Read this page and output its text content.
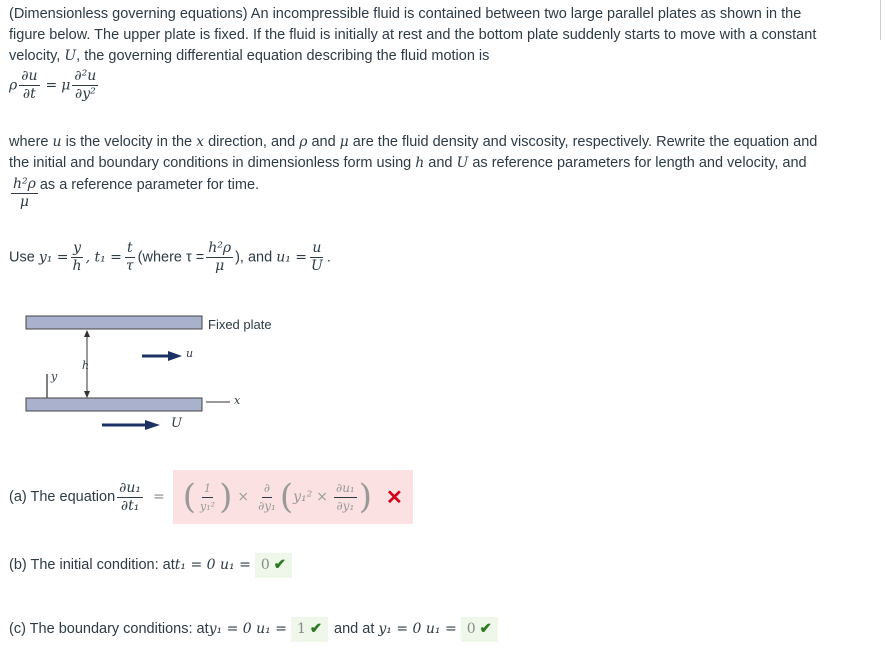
(Dimensionless governing equations) An incompressible fluid is contained between two large parallel plates as shown in the
figure below. The upper plate is fixed. If the fluid is initially at rest and the bottom plate suddenly starts to move with a constant
velocity, U, the governing differential equation describing the fluid motion is
ρ $\frac{\partial u}{\partial t} = \mu \frac{\text{∂²u}}{\text{∂y²}}$
where u is the velocity in the x direction, and ρ and μ are the fluid density and viscosity, respectively. Rewrite the equation and
the initial and boundary conditions in dimensionless form using h and U as reference parameters for length and velocity, and
$\frac{\text{h²ρ}}{\mu}$ as a reference parameter for time.
Use $y_1 = \frac{y}{h}$ , $t_1 = \frac{t}{\tau}$ (where $\tau = \frac{\text{h²ρ}}{\mu}$ ), and $u_1 = \frac{u}{U}$ .
Fixed plate
u
h
y
x
U
(a) The equation $\frac{\text{∂u₁}}{\text{∂t₁}}$ = ( $\frac{1}{\text{y₁²}}$ ) ×
∂
∂y₁ ( $y_1^2 \times \frac{\text{∂u₁}}{\text{∂y₁}}$ ) ✕
(b) The initial condition: at t₁ = 0 u₁ = 0 ✔
(c) The boundary conditions: at y₁ = 0 u₁ = 1 ✔ and at y₁ = 0 u₁ = 0 ✔
